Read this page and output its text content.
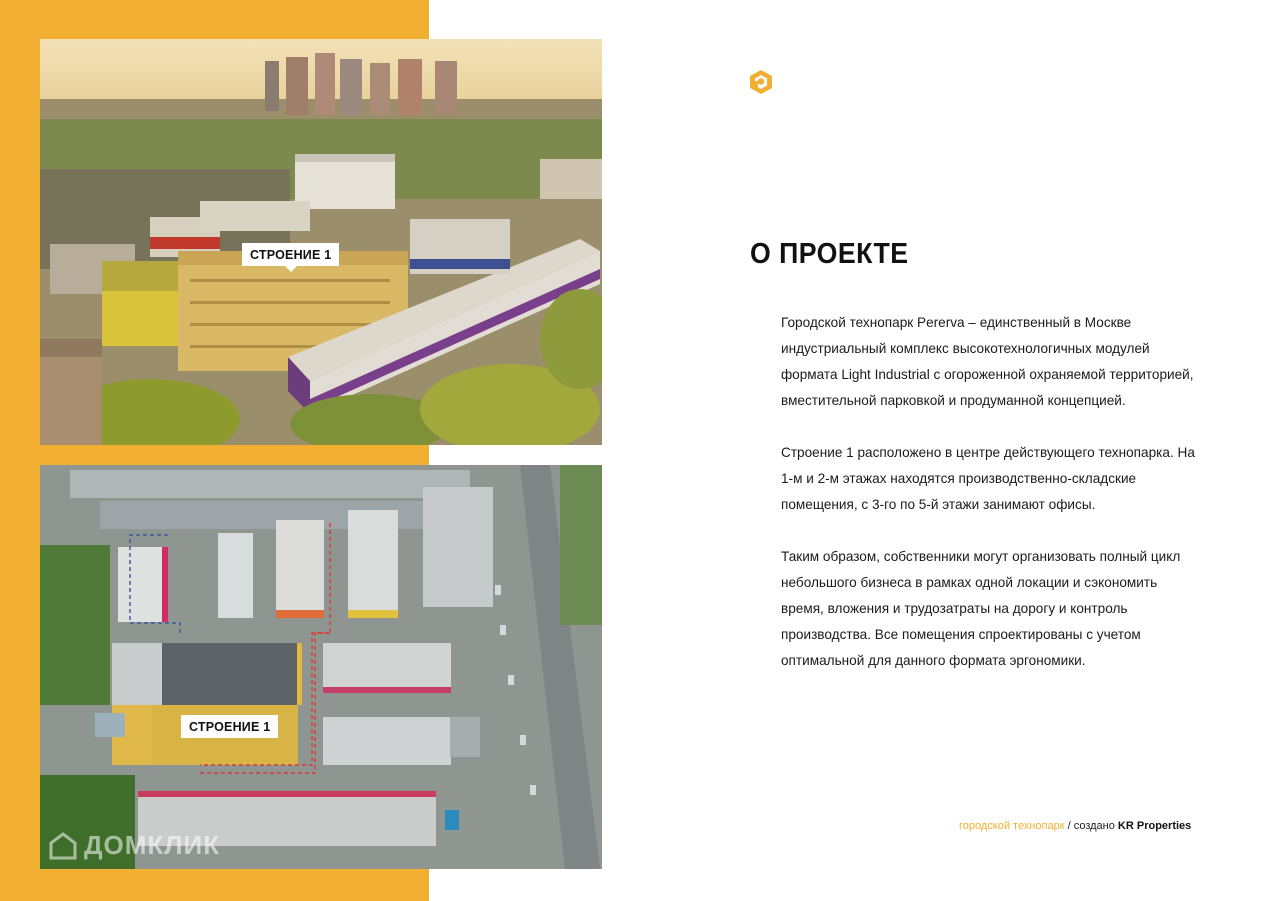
СТРОЕНИЕ 1
СТРОЕНИЕ 1
ДОМКЛИК
О ПРОЕКТЕ

Городской технопарк Pererva – единственный в Москве индустриальный комплекс высокотехнологичных модулей формата Light Industrial с огороженной охраняемой территорией, вместительной парковкой и продуманной концепцией.

Строение 1 расположено в центре действующего технопарка. На 1-м и 2-м этажах находятся производственно-складские помещения, с 3-го по 5-й этажи занимают офисы.

Таким образом, собственники могут организовать полный цикл небольшого бизнеса в рамках одной локации и сэкономить время, вложения и трудозатраты на дорогу и контроль производства. Все помещения спроектированы с учетом оптимальной для данного формата эргономики.

городской технопарк / создано KR Properties
